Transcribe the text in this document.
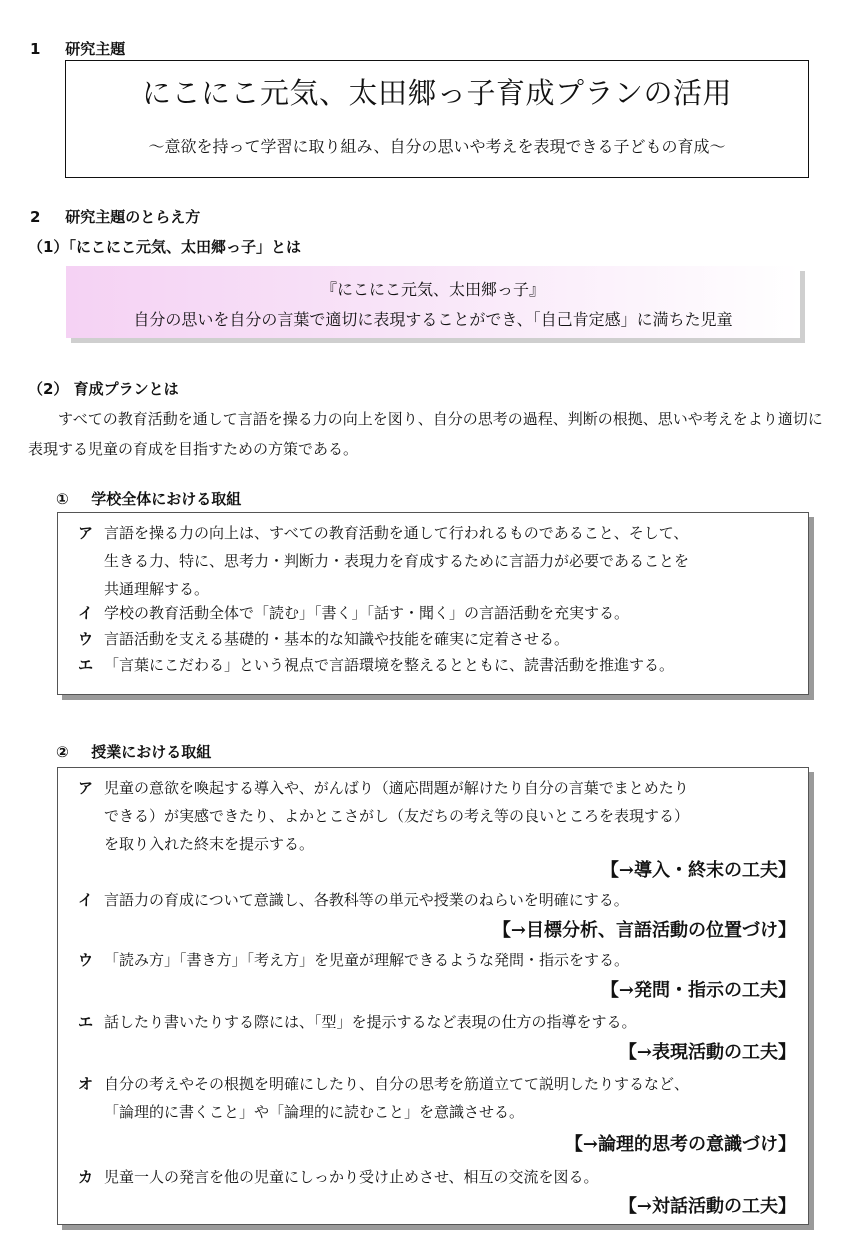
1 研究主題
にこにこ元気、太田郷っ子育成プランの活用
～意欲を持って学習に取り組み、自分の思いや考えを表現できる子どもの育成～
2 研究主題のとらえ方
（1）「にこにこ元気、太田郷っ子」とは
『にこにこ元気、太田郷っ子』
自分の思いを自分の言葉で適切に表現することができ、「自己肯定感」に満ちた児童
（2） 育成プランとは
すべての教育活動を通して言語を操る力の向上を図り、自分の思考の過程、判断の根拠、思いや考えをより適切に表現する児童の育成を目指すための方策である。
① 学校全体における取組
ア 言語を操る力の向上は、すべての教育活動を通して行われるものであること、そして、
生きる力、特に、思考力・判断力・表現力を育成するために言語力が必要であることを
共通理解する。
イ 学校の教育活動全体で「読む」「書く」「話す・聞く」の言語活動を充実する。
ウ 言語活動を支える基礎的・基本的な知識や技能を確実に定着させる。
エ 「言葉にこだわる」という視点で言語環境を整えるとともに、読書活動を推進する。
② 授業における取組
ア 児童の意欲を喚起する導入や、がんばり（適応問題が解けたり自分の言葉でまとめたり
できる）が実感できたり、よかとこさがし（友だちの考え等の良いところを表現する）
を取り入れた終末を提示する。
【→導入・終末の工夫】
イ 言語力の育成について意識し、各教科等の単元や授業のねらいを明確にする。
【→目標分析、言語活動の位置づけ】
ウ 「読み方」「書き方」「考え方」を児童が理解できるような発問・指示をする。
【→発問・指示の工夫】
エ 話したり書いたりする際には、「型」を提示するなど表現の仕方の指導をする。
【→表現活動の工夫】
オ 自分の考えやその根拠を明確にしたり、自分の思考を筋道立てて説明したりするなど、
「論理的に書くこと」や「論理的に読むこと」を意識させる。
【→論理的思考の意識づけ】
カ 児童一人の発言を他の児童にしっかり受け止めさせ、相互の交流を図る。
【→対話活動の工夫】
